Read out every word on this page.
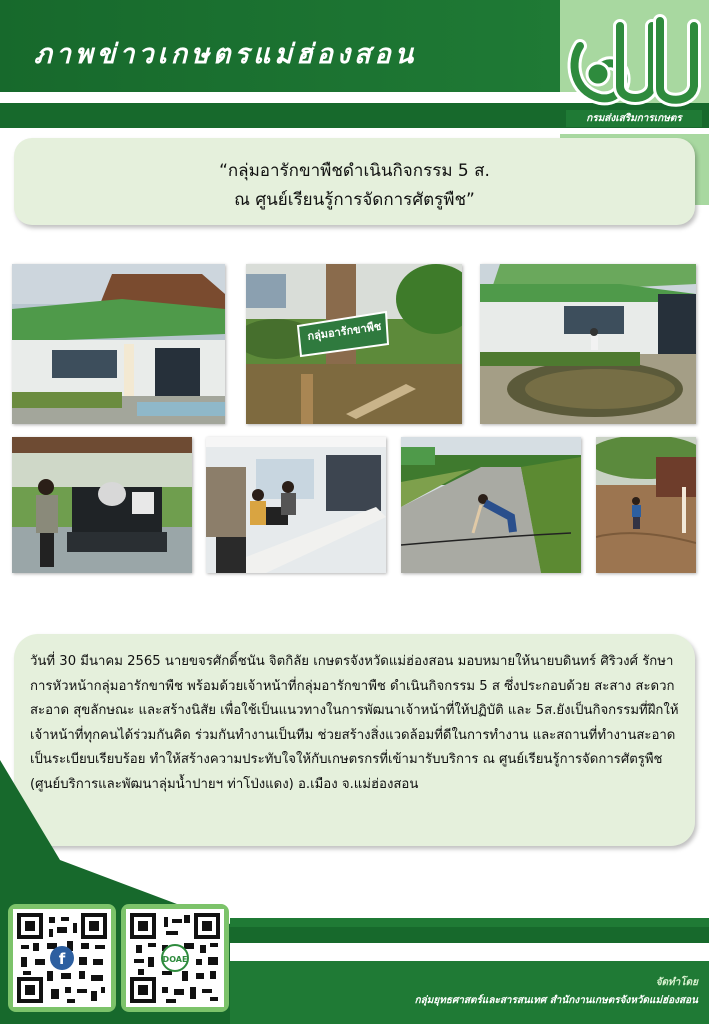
ภาพข่าวเกษตรแม่ฮ่องสอน
กรมส่งเสริมการเกษตร
“กลุ่มอารักขาพืชดำเนินกิจกรรม 5 ส.
ณ ศูนย์เรียนรู้การจัดการศัตรูพืช”
กลุ่มอารักขาพืช
วันที่ 30 มีนาคม 2565 นายขจรศักดิ์ชนัน จิตกิลัย เกษตรจังหวัดแม่ฮ่องสอน มอบหมายให้นายบดินทร์ ศิริวงศ์ รักษาการหัวหน้ากลุ่มอารักขาพืช พร้อมด้วยเจ้าหน้าที่กลุ่มอารักขาพืช ดำเนินกิจกรรม 5 ส ซึ่งประกอบด้วย สะสาง สะดวก สะอาด สุขลักษณะ และสร้างนิสัย เพื่อใช้เป็นแนวทางในการพัฒนาเจ้าหน้าที่ให้ปฏิบัติ และ 5ส.ยังเป็นกิจกรรมที่ฝึกให้เจ้าหน้าที่ทุกคนได้ร่วมกันคิด ร่วมกันทำงานเป็นทีม ช่วยสร้างสิ่งแวดล้อมที่ดีในการทำงาน และสถานที่ทำงานสะอาดเป็นระเบียบเรียบร้อย ทำให้สร้างความประทับใจให้กับเกษตรกรที่เข้ามารับบริการ ณ ศูนย์เรียนรู้การจัดการศัตรูพืช (ศูนย์บริการและพัฒนาลุ่มน้ำปายฯ ท่าโป่งแดง) อ.เมือง จ.แม่ฮ่องสอน
f	DOAE
จัดทำโดย
กลุ่มยุทธศาสตร์และสารสนเทศ สำนักงานเกษตรจังหวัดแม่ฮ่องสอน
